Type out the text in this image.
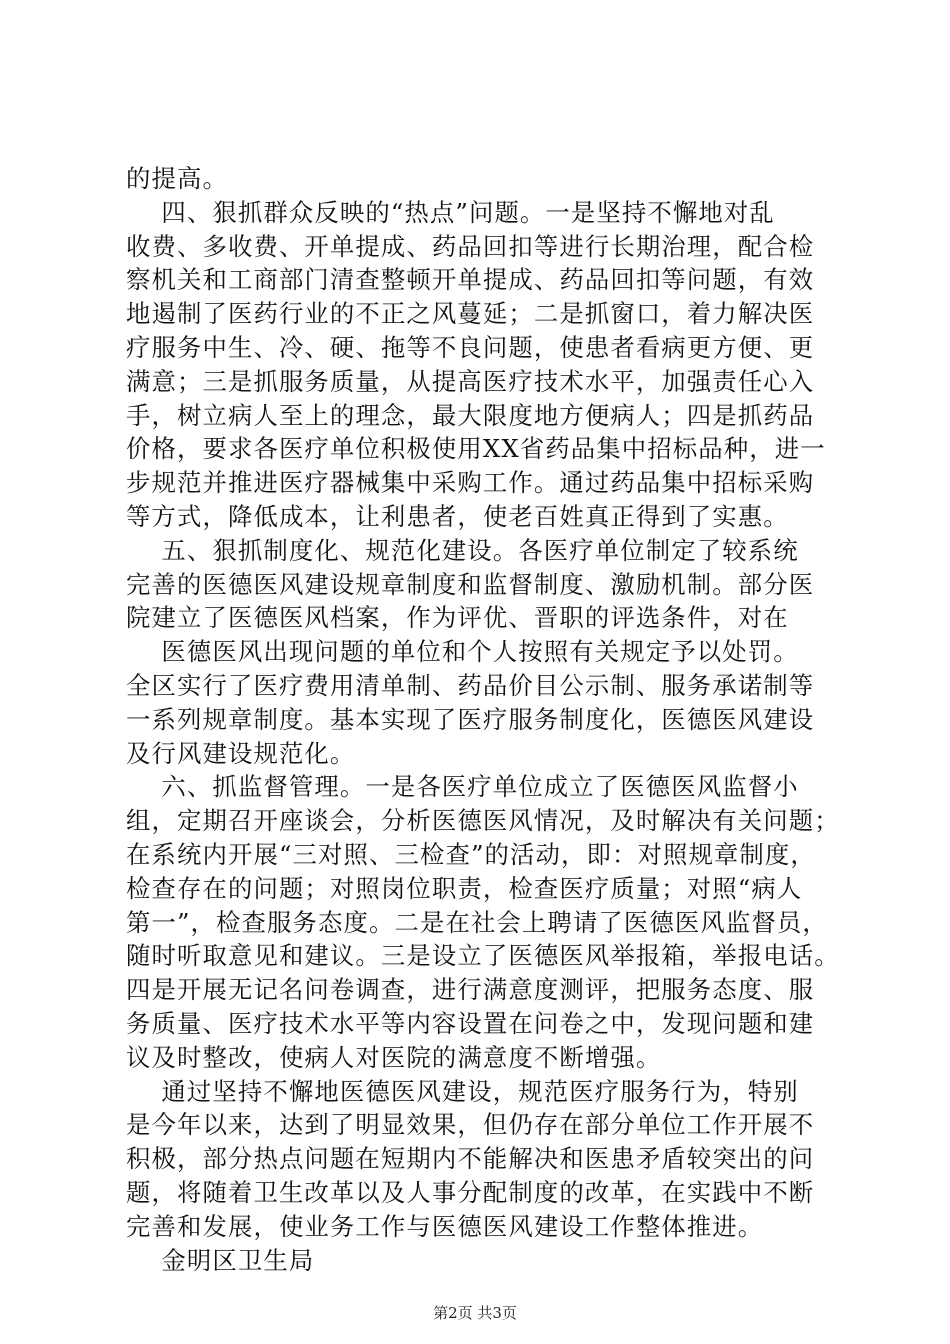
的提高。
四、狠抓群众反映的“热点”问题。一是坚持不懈地对乱
收费、多收费、开单提成、药品回扣等进行长期治理，配合检
察机关和工商部门清查整顿开单提成、药品回扣等问题，有效
地遏制了医药行业的不正之风蔓延；二是抓窗口，着力解决医
疗服务中生、冷、硬、拖等不良问题，使患者看病更方便、更
满意；三是抓服务质量，从提高医疗技术水平，加强责任心入
手，树立病人至上的理念，最大限度地方便病人；四是抓药品
价格，要求各医疗单位积极使用XX省药品集中招标品种，进一
步规范并推进医疗器械集中采购工作。通过药品集中招标采购
等方式，降低成本，让利患者，使老百姓真正得到了实惠。
五、狠抓制度化、规范化建设。各医疗单位制定了较系统
完善的医德医风建设规章制度和监督制度、激励机制。部分医
院建立了医德医风档案，作为评优、晋职的评选条件，对在
医德医风出现问题的单位和个人按照有关规定予以处罚。
全区实行了医疗费用清单制、药品价目公示制、服务承诺制等
一系列规章制度。基本实现了医疗服务制度化，医德医风建设
及行风建设规范化。
六、抓监督管理。一是各医疗单位成立了医德医风监督小
组，定期召开座谈会，分析医德医风情况，及时解决有关问题；
在系统内开展“三对照、三检查”的活动，即：对照规章制度，
检查存在的问题；对照岗位职责，检查医疗质量；对照“病人
第一”，检查服务态度。二是在社会上聘请了医德医风监督员，
随时听取意见和建议。三是设立了医德医风举报箱，举报电话。
四是开展无记名问卷调查，进行满意度测评，把服务态度、服
务质量、医疗技术水平等内容设置在问卷之中，发现问题和建
议及时整改，使病人对医院的满意度不断增强。
通过坚持不懈地医德医风建设，规范医疗服务行为，特别
是今年以来，达到了明显效果，但仍存在部分单位工作开展不
积极，部分热点问题在短期内不能解决和医患矛盾较突出的问
题，将随着卫生改革以及人事分配制度的改革，在实践中不断
完善和发展，使业务工作与医德医风建设工作整体推进。
金明区卫生局
第2页 共3页
